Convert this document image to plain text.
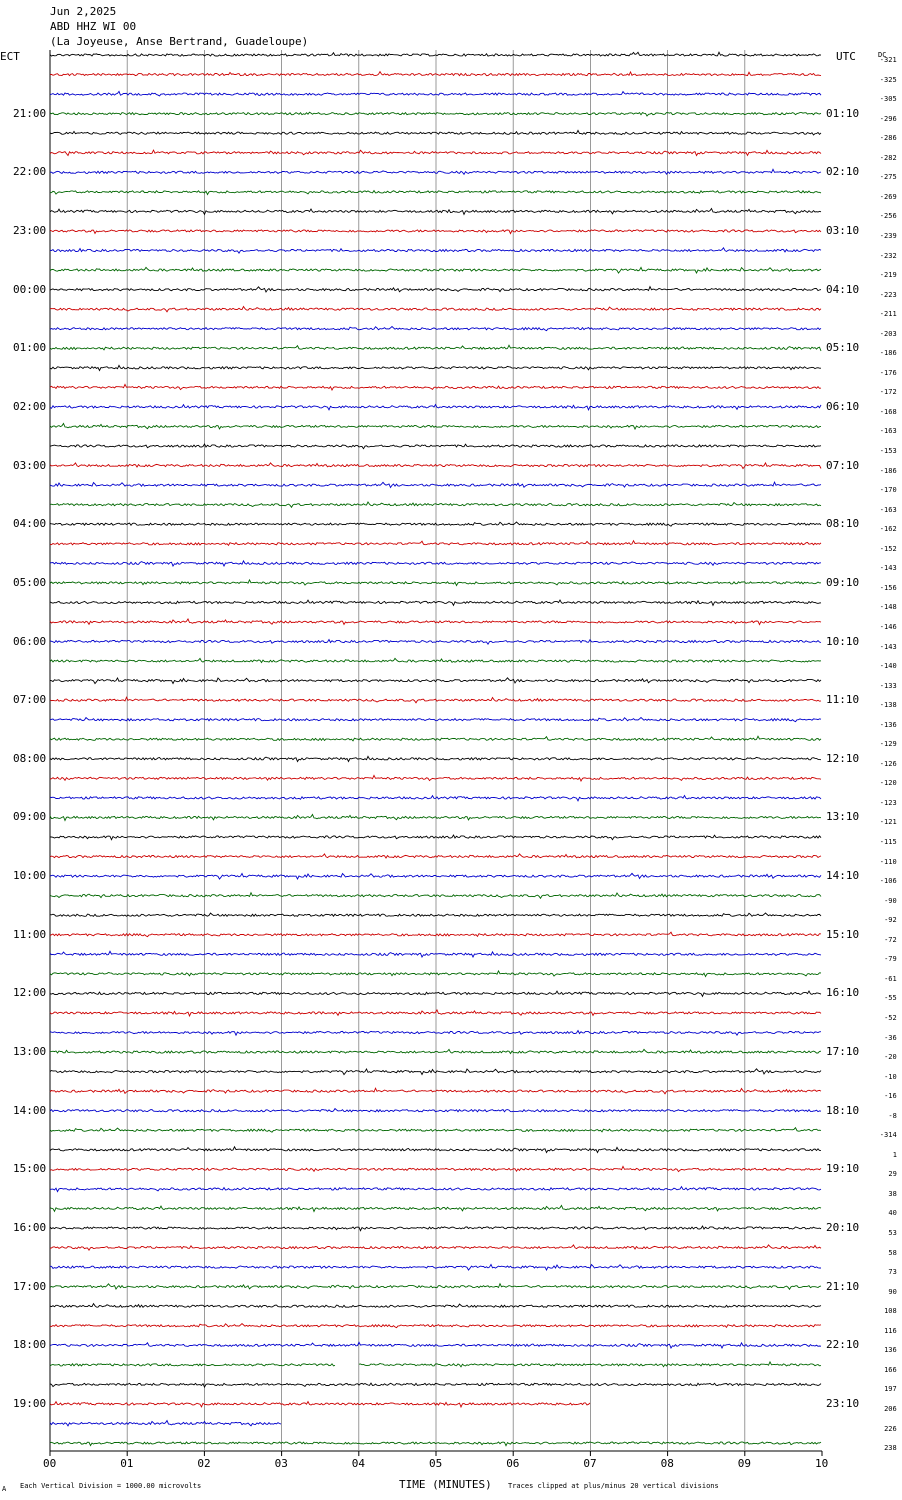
Jun 2,2025
ABD HHZ WI 00
(La Joyeuse, Anse Bertrand, Guadeloupe)
ECT	UTC	DC
21:00
22:00
23:00
00:00
01:00
02:00
03:00
04:00
05:00
06:00
07:00
08:00
09:00
10:00
11:00
12:00
13:00
14:00
15:00
16:00
17:00
18:00
19:00
01:10
02:10
03:10
04:10
05:10
06:10
07:10
08:10
09:10
10:10
11:10
12:10
13:10
14:10
15:10
16:10
17:10
18:10
19:10
20:10
21:10
22:10
23:10
-321
-325
-305
-296
-286
-282
-275
-269
-256
-239
-232
-219
-223
-211
-203
-186
-176
-172
-168
-163
-153
-186
-170
-163
-162
-152
-143
-156
-148
-146
-143
-140
-133
-138
-136
-129
-126
-120
-123
-121
-115
-110
-106
-90
-92
-72
-79
-61
-55
-52
-36
-20
-10
-16
-8
-314
1
29
38
40
53
58
73
90
108
116
136
166
197
206
226
238
00	01	02	03	04	05	06	07	08	09	10
TIME (MINUTES)
Each Vertical Division = 1000.00 microvolts	Traces clipped at plus/minus 20 vertical divisions
A
